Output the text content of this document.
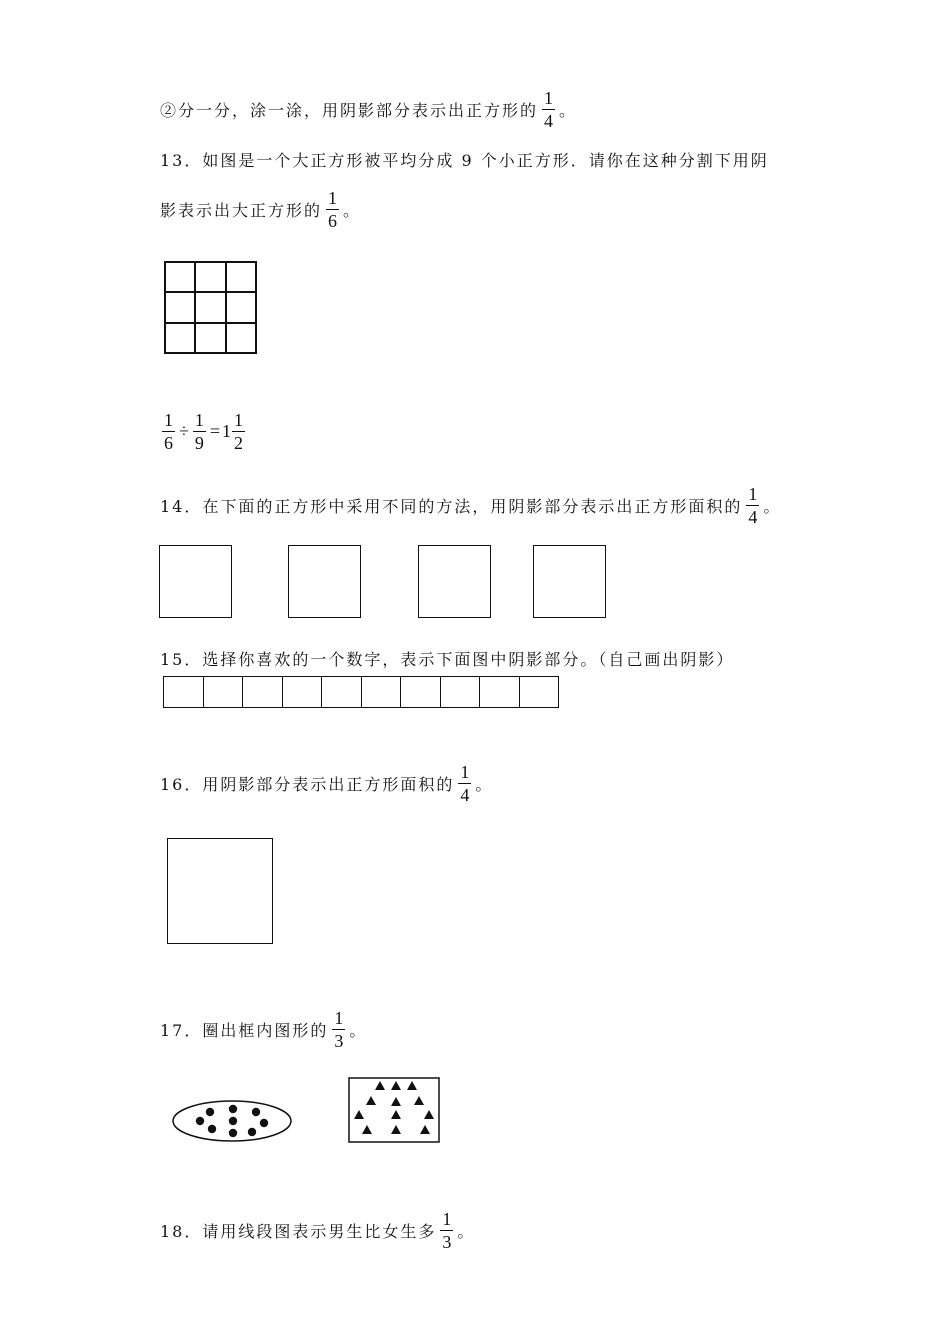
②分一分，涂一涂，用阴影部分表示出正方形的 $\frac{1}{4}$ 。
13．如图是一个大正方形被平均分成 9 个小正方形．请你在这种分割下用阴
影表示出大正方形的 $\frac{1}{6}$ 。
$\frac{1}{6} \div \frac{1}{9} = 1 \frac{1}{2}$
14．在下面的正方形中采用不同的方法，用阴影部分表示出正方形面积的 $\frac{1}{4}$ 。
15．选择你喜欢的一个数字，表示下面图中阴影部分。（自己画出阴影）
16．用阴影部分表示出正方形面积的 $\frac{1}{4}$ 。
17．圈出框内图形的 $\frac{1}{3}$ 。
18．请用线段图表示男生比女生多 $\frac{1}{3}$ 。
